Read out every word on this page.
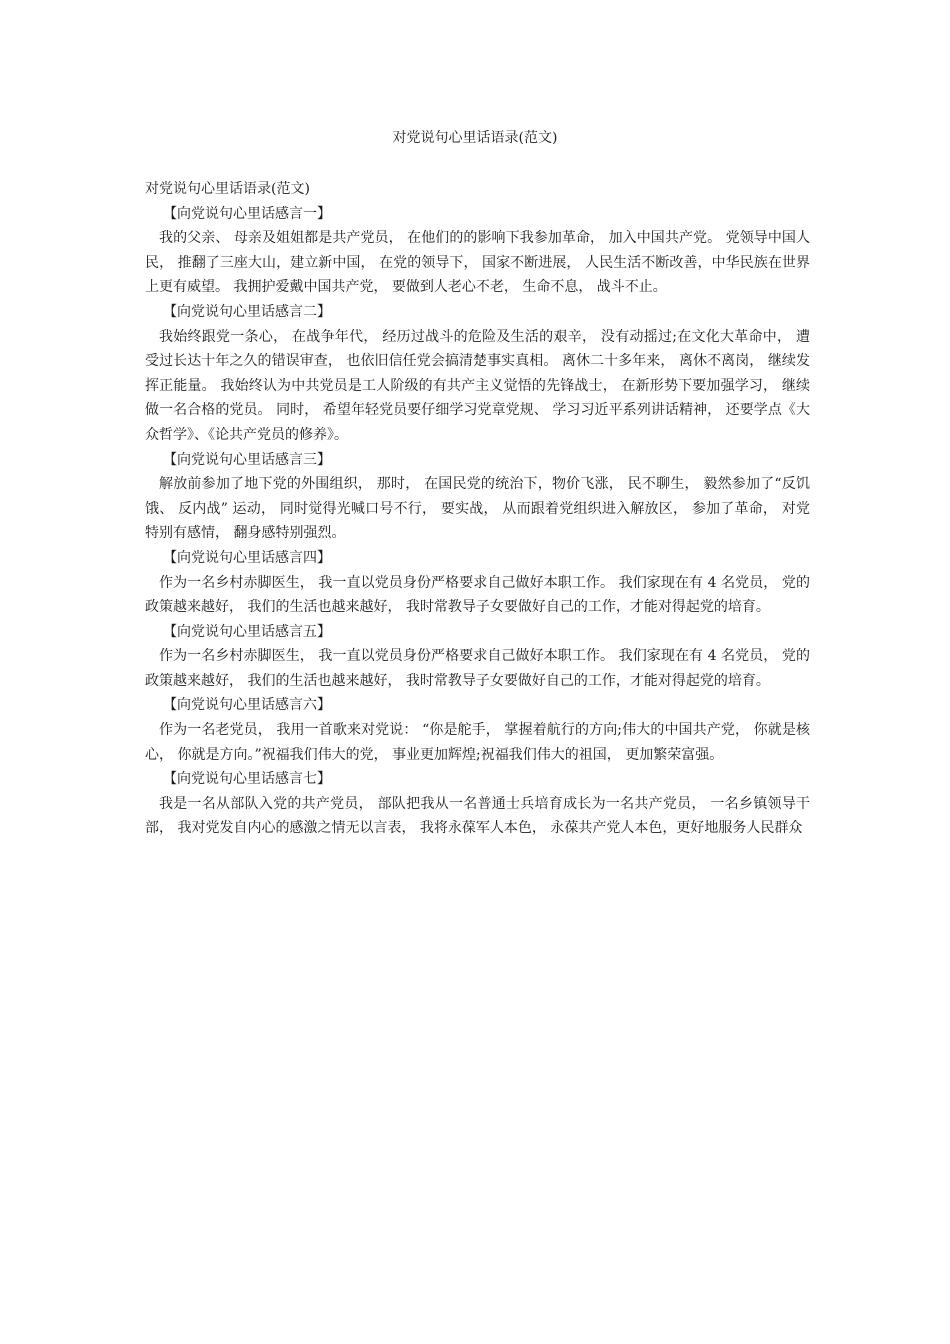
对党说句心里话语录(范文)

对党说句心里话语录(范文)

【向党说句心里话感言一】

我的父亲、 母亲及姐姐都是共产党员， 在他们的的影响下我参加革命， 加入中国共产党。 党领导中国人民， 推翻了三座大山，建立新中国， 在党的领导下， 国家不断进展， 人民生活不断改善，中华民族在世界上更有威望。 我拥护爱戴中国共产党， 要做到人老心不老， 生命不息， 战斗不止。

【向党说句心里话感言二】

我始终跟党一条心， 在战争年代， 经历过战斗的危险及生活的艰辛， 没有动摇过;在文化大革命中， 遭受过长达十年之久的错误审查， 也依旧信任党会搞清楚事实真相。 离休二十多年来， 离休不离岗， 继续发挥正能量。 我始终认为中共党员是工人阶级的有共产主义觉悟的先锋战士， 在新形势下要加强学习， 继续做一名合格的党员。 同时， 希望年轻党员要仔细学习党章党规、 学习习近平系列讲话精神， 还要学点《大众哲学》、《论共产党员的修养》。

【向党说句心里话感言三】

解放前参加了地下党的外围组织， 那时， 在国民党的统治下，物价飞涨， 民不聊生， 毅然参加了“反饥饿、 反内战” 运动， 同时觉得光喊口号不行， 要实战， 从而跟着党组织进入解放区， 参加了革命， 对党特别有感情， 翻身感特别强烈。

【向党说句心里话感言四】

作为一名乡村赤脚医生， 我一直以党员身份严格要求自己做好本职工作。 我们家现在有 4 名党员， 党的政策越来越好， 我们的生活也越来越好， 我时常教导子女要做好自己的工作，才能对得起党的培育。

【向党说句心里话感言五】

作为一名乡村赤脚医生， 我一直以党员身份严格要求自己做好本职工作。 我们家现在有 4 名党员， 党的政策越来越好， 我们的生活也越来越好， 我时常教导子女要做好自己的工作，才能对得起党的培育。

【向党说句心里话感言六】

作为一名老党员， 我用一首歌来对党说： “你是舵手， 掌握着航行的方向;伟大的中国共产党， 你就是核心， 你就是方向。”祝福我们伟大的党， 事业更加辉煌;祝福我们伟大的祖国， 更加繁荣富强。

【向党说句心里话感言七】

我是一名从部队入党的共产党员， 部队把我从一名普通士兵培育成长为一名共产党员， 一名乡镇领导干部， 我对党发自内心的感激之情无以言表， 我将永葆军人本色， 永葆共产党人本色，更好地服务人民群众
